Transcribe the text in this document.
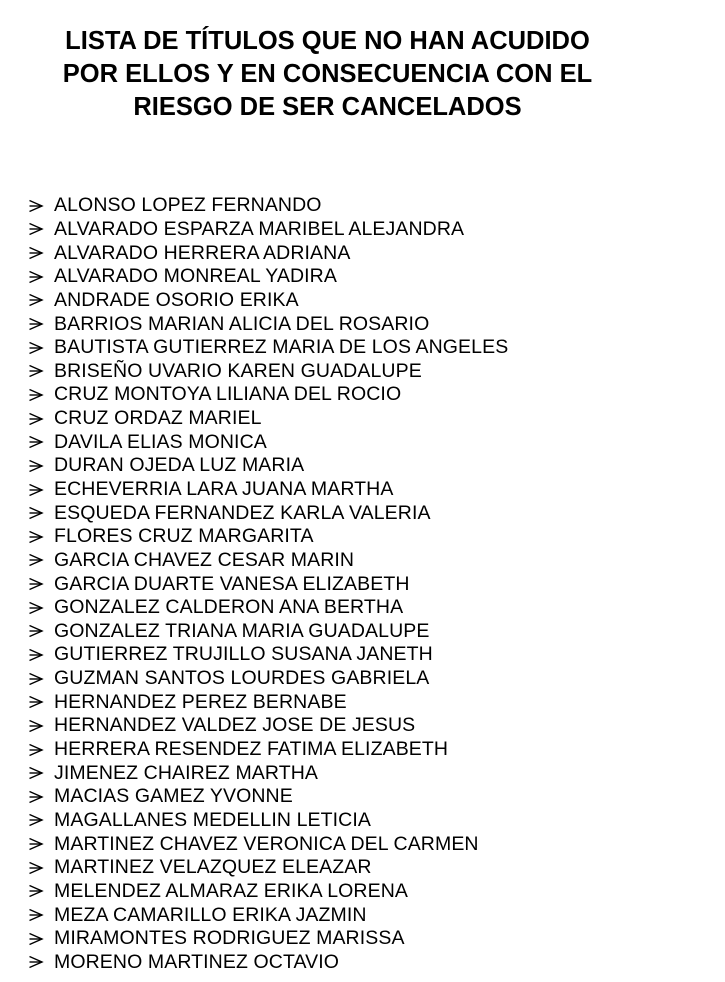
LISTA DE TÍTULOS QUE NO HAN ACUDIDO
POR ELLOS Y EN CONSECUENCIA CON EL
RIESGO DE SER CANCELADOS
ALONSO LOPEZ FERNANDO
ALVARADO ESPARZA MARIBEL ALEJANDRA
ALVARADO HERRERA ADRIANA
ALVARADO MONREAL YADIRA
ANDRADE OSORIO ERIKA
BARRIOS MARIAN ALICIA DEL ROSARIO
BAUTISTA GUTIERREZ MARIA DE LOS ANGELES
BRISEÑO UVARIO KAREN GUADALUPE
CRUZ MONTOYA LILIANA DEL ROCIO
CRUZ ORDAZ MARIEL
DAVILA ELIAS MONICA
DURAN OJEDA LUZ MARIA
ECHEVERRIA LARA JUANA MARTHA
ESQUEDA FERNANDEZ KARLA VALERIA
FLORES CRUZ MARGARITA
GARCIA CHAVEZ CESAR MARIN
GARCIA DUARTE VANESA ELIZABETH
GONZALEZ CALDERON ANA BERTHA
GONZALEZ TRIANA MARIA GUADALUPE
GUTIERREZ TRUJILLO SUSANA JANETH
GUZMAN SANTOS LOURDES GABRIELA
HERNANDEZ PEREZ BERNABE
HERNANDEZ VALDEZ JOSE DE JESUS
HERRERA RESENDEZ FATIMA ELIZABETH
JIMENEZ CHAIREZ MARTHA
MACIAS GAMEZ YVONNE
MAGALLANES MEDELLIN LETICIA
MARTINEZ CHAVEZ VERONICA DEL CARMEN
MARTINEZ VELAZQUEZ ELEAZAR
MELENDEZ ALMARAZ ERIKA LORENA
MEZA CAMARILLO ERIKA JAZMIN
MIRAMONTES RODRIGUEZ MARISSA
MORENO MARTINEZ OCTAVIO
